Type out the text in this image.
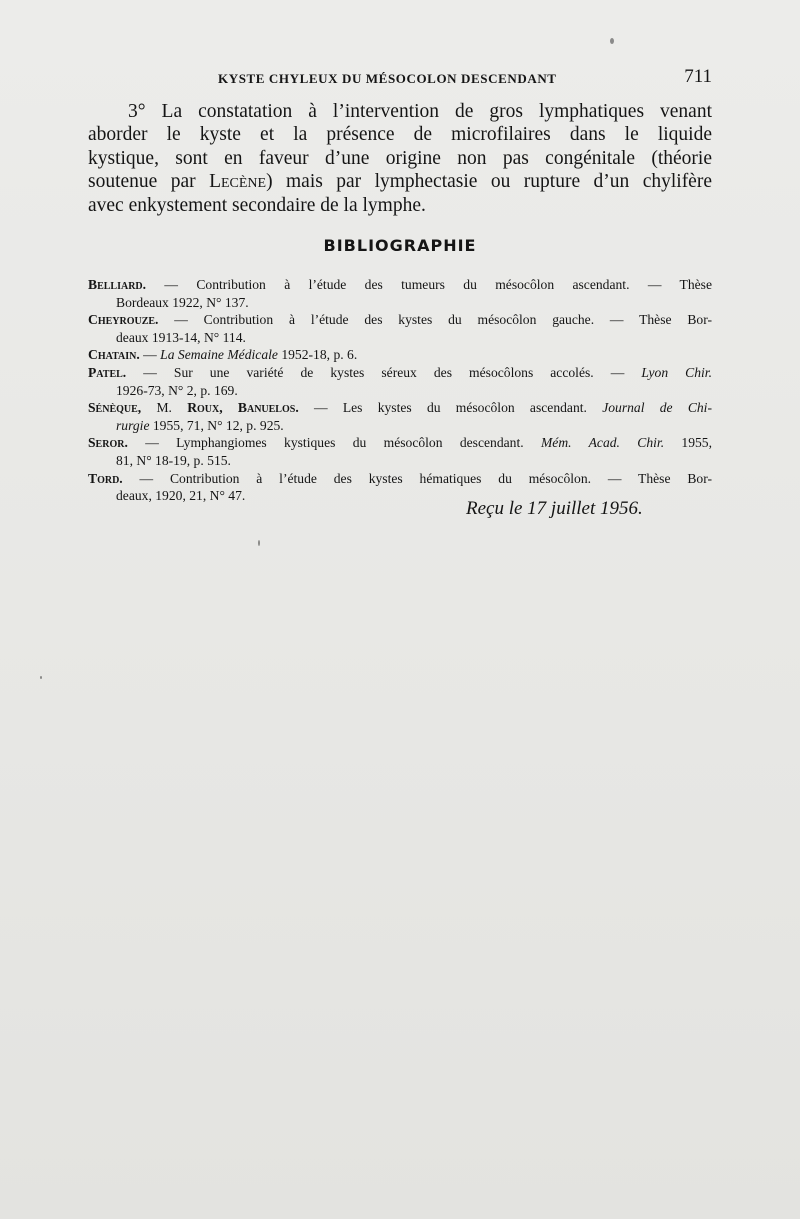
KYSTE CHYLEUX DU MÉSOCOLON DESCENDANT	711
3° La constatation à l’intervention de gros lymphatiques venant
aborder le kyste et la présence de microfilaires dans le liquide
kystique, sont en faveur d’une origine non pas congénitale (théorie
soutenue par Lecène) mais par lymphectasie ou rupture d’un chylifère
avec enkystement secondaire de la lymphe.
BIBLIOGRAPHIE
Belliard. — Contribution à l’étude des tumeurs du mésocôlon ascendant. — Thèse
Bordeaux 1922, N° 137.
Cheyrouze. — Contribution à l’étude des kystes du mésocôlon gauche. — Thèse Bor-
deaux 1913-14, N° 114.
Chatain. — La Semaine Médicale 1952-18, p. 6.
Patel. — Sur une variété de kystes séreux des mésocôlons accolés. — Lyon Chir.
1926-73, N° 2, p. 169.
Sénèque, M. Roux, Banuelos. — Les kystes du mésocôlon ascendant. Journal de Chi-
rurgie 1955, 71, N° 12, p. 925.
Seror. — Lymphangiomes kystiques du mésocôlon descendant. Mém. Acad. Chir. 1955,
81, N° 18-19, p. 515.
Tord. — Contribution à l’étude des kystes hématiques du mésocôlon. — Thèse Bor-
deaux, 1920, 21, N° 47.
Reçu le 17 juillet 1956.
